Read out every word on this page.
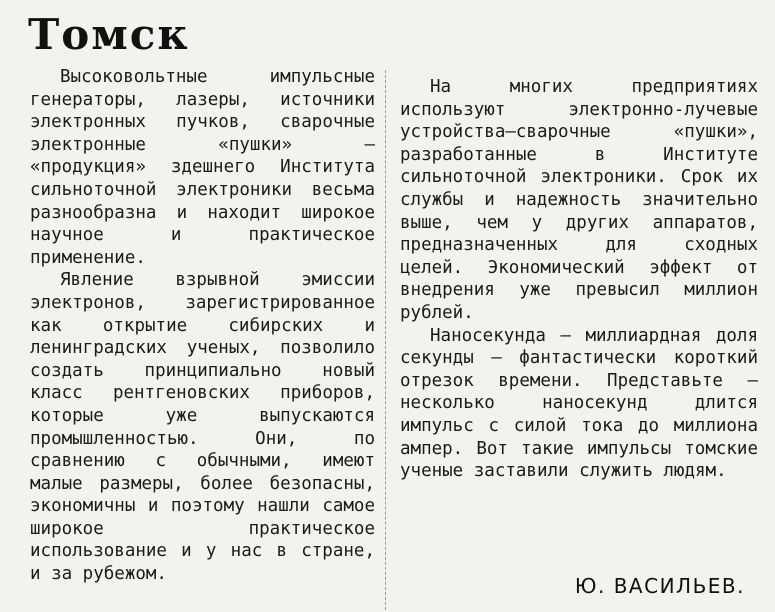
Томск

Высоковольтные импульсные генераторы, лазеры, источники электронных пучков, сварочные электронные «пушки» — «продукция» здешнего Института сильноточной электроники весьма разнообразна и находит широкое научное и практическое применение.

Явление взрывной эмиссии электронов, зарегистрированное как открытие сибирских и ленинградских ученых, позволило создать принципиально новый класс рентгеновских приборов, которые уже выпускаются промышленностью. Они, по сравнению с обычными, имеют малые размеры, более безопасны, экономичны и поэтому нашли самое широкое практическое использование и у нас в стране, и за рубежом.

На многих предприятиях используют электронно-лучевые устройства—сварочные «пушки», разработанные в Институте сильноточной электроники. Срок их службы и надежность значительно выше, чем у других аппаратов, предназначенных для сходных целей. Экономический эффект от внедрения уже превысил миллион рублей.

Наносекунда — миллиардная доля секунды — фантастически короткий отрезок времени. Представьте — несколько наносекунд длится импульс с силой тока до миллиона ампер. Вот такие импульсы томские ученые заставили служить людям.

Ю. ВАСИЛЬЕВ.
